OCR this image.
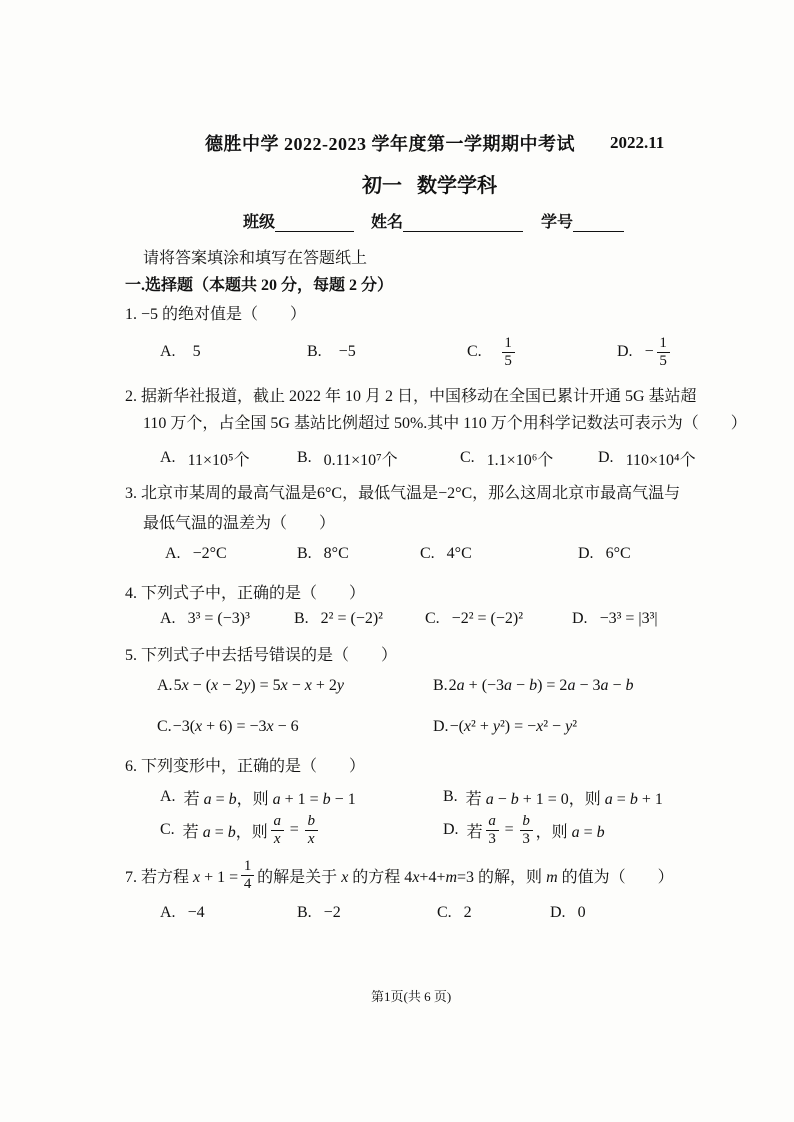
德胜中学 2022-2023 学年度第一学期期中考试 2022.11
初一 数学学科
班级	姓名	学号
请将答案填涂和填写在答题纸上
一.选择题（本题共 20 分，每题 2 分）
1. −5 的绝对值是（　　）
A. 5	B. −5	C. $\frac{1}{5}$	D. − $\frac{1}{5}$
2. 据新华社报道，截止 2022 年 10 月 2 日，中国移动在全国已累计开通 5G 基站超
110 万个，占全国 5G 基站比例超过 50%.其中 110 万个用科学记数法可表示为（　　）
A. 11×10⁵个	B. 0.11×10⁷个	C. 1.1×10⁶个	D. 110×10⁴个
3. 北京市某周的最高气温是6°C，最低气温是−2°C，那么这周北京市最高气温与
最低气温的温差为（　　）
A. −2°C	B. 8°C	C. 4°C	D. 6°C
4. 下列式子中，正确的是（　　）
A. 3³ = (−3)³	B. 2² = (−2)²	C. −2² = (−2)²	D. −3³ = |3³|
5. 下列式子中去括号错误的是（　　）
A. 5x − (x − 2y) = 5x − x + 2y	B. 2a + (−3a − b) = 2a − 3a − b
C. −3(x + 6) = −3x − 6	D. −(x² + y²) = −x² − y²
6. 下列变形中，正确的是（　　）
A. 若 a = b，则 a + 1 = b − 1	B. 若 a − b + 1 = 0，则 a = b + 1
C. 若 a = b，则 $\frac{a}{x} = \frac{b}{x}$	D. 若 $\frac{a}{3} = \frac{b}{3}$ ，则 a = b
7. 若方程 $x + 1 = \frac{1}{4}$ 的解是关于 x 的方程 4x+4+m=3 的解，则 m 的值为（　　）
A. −4	B. −2	C. 2	D. 0
第1页(共 6 页)
